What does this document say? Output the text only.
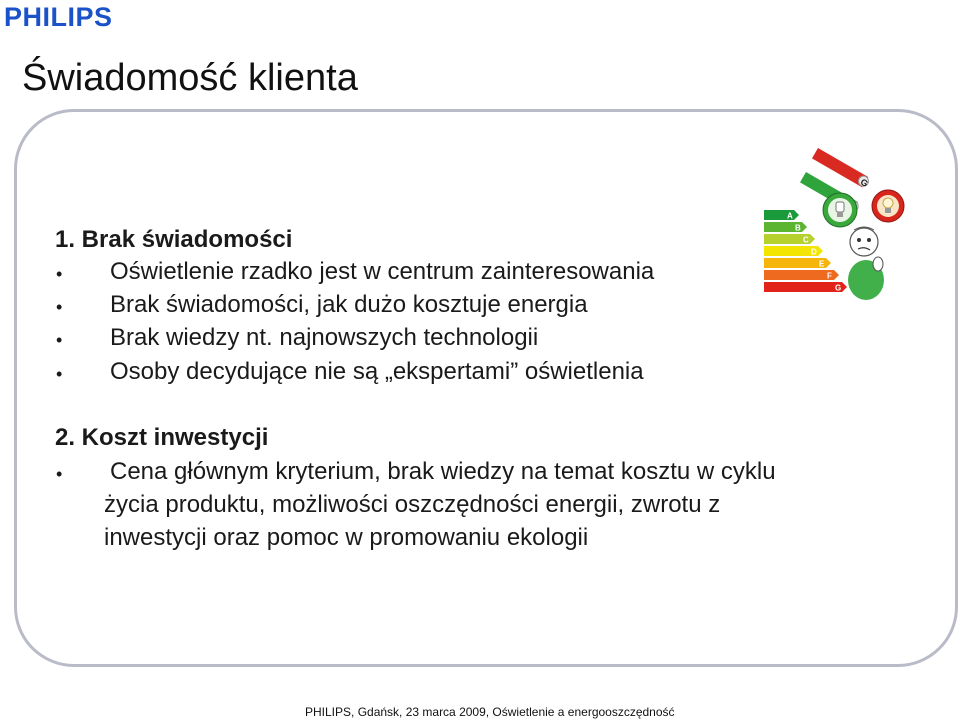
PHILIPS
Świadomość klienta
1. Brak świadomości
• Oświetlenie rzadko jest w centrum zainteresowania
• Brak świadomości, jak dużo kosztuje energia
• Brak wiedzy nt. najnowszych technologii
• Osoby decydujące nie są „ekspertami” oświetlenia
2. Koszt inwestycji
• Cena głównym kryterium, brak wiedzy na temat kosztu w cyklu
życia produktu, możliwości oszczędności energii, zwrotu z
inwestycji oraz pomoc w promowaniu ekologii
A
B
C
D
E
F
G
G
PHILIPS, Gdańsk, 23 marca 2009, Oświetlenie a energooszczędność
